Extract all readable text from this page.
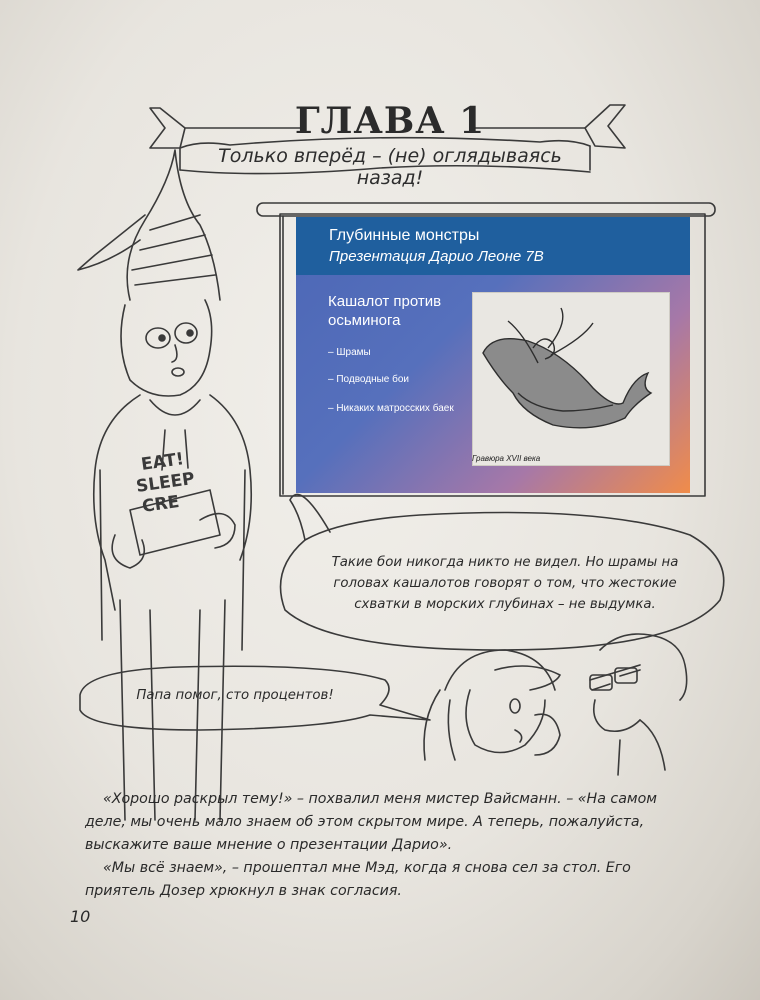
EAT!
SLEEP
CRE
ГЛАВА 1
Только вперёд – (не) оглядываясь назад!
Глубинные монстры
Презентация Дарио Леоне 7В
Кашалот против осьминога
– Шрамы
– Подводные бои
– Никаких матросских баек
Гравюра XVII века
Такие бои никогда никто не видел. Но шрамы на
головах кашалотов говорят о том, что жестокие
схватки в морских глубинах – не выдумка.
Папа помог, сто процентов!
«Хорошо раскрыл тему!» – похвалил меня мистер Вайсманн. – «На самом
деле, мы очень мало знаем об этом скрытом мире. А теперь, пожалуйста,
выскажите ваше мнение о презентации Дарио».
«Мы всё знаем», – прошептал мне Мэд, когда я снова сел за стол. Его
приятель Дозер хрюкнул в знак согласия.
10
